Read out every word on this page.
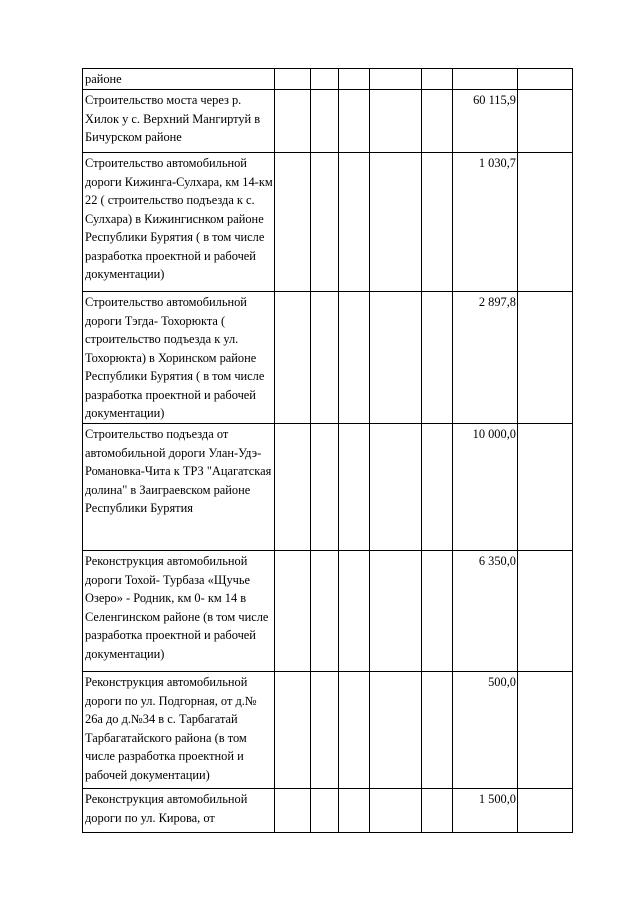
районе							

Строительство моста через р. Хилок у с. Верхний Мангиртуй в Бичурском районе						60 115,9	

Строительство автомобильной дороги Кижинга-Сулхара, км 14-км 22 ( строительство подъезда к с. Сулхара) в Кижингиснком районе Республики Бурятия ( в том числе разработка проектной и рабочей документации)						1 030,7	

Строительство автомобильной дороги Тэгда- Тохорюкта ( строительство подъезда к ул. Тохорюкта) в Хоринском районе Республики Бурятия ( в том числе разработка проектной и рабочей документации)						2 897,8	

Строительство подъезда от автомобильной дороги Улан-Удэ-Романовка-Чита к ТРЗ "Ацагатская долина" в Заиграевском районе Республики Бурятия						10 000,0	

Реконструкция автомобильной дороги Тохой- Турбаза «Щучье Озеро» - Родник, км 0- км 14 в Селенгинском районе (в том числе разработка проектной и рабочей документации)						6 350,0	

Реконструкция автомобильной дороги по ул. Подгорная, от д.№ 26а до д.№34 в с. Тарбагатай Тарбагатайского района (в том числе разработка проектной и рабочей документации)						500,0	

Реконструкция автомобильной дороги по ул. Кирова, от						1 500,0	
